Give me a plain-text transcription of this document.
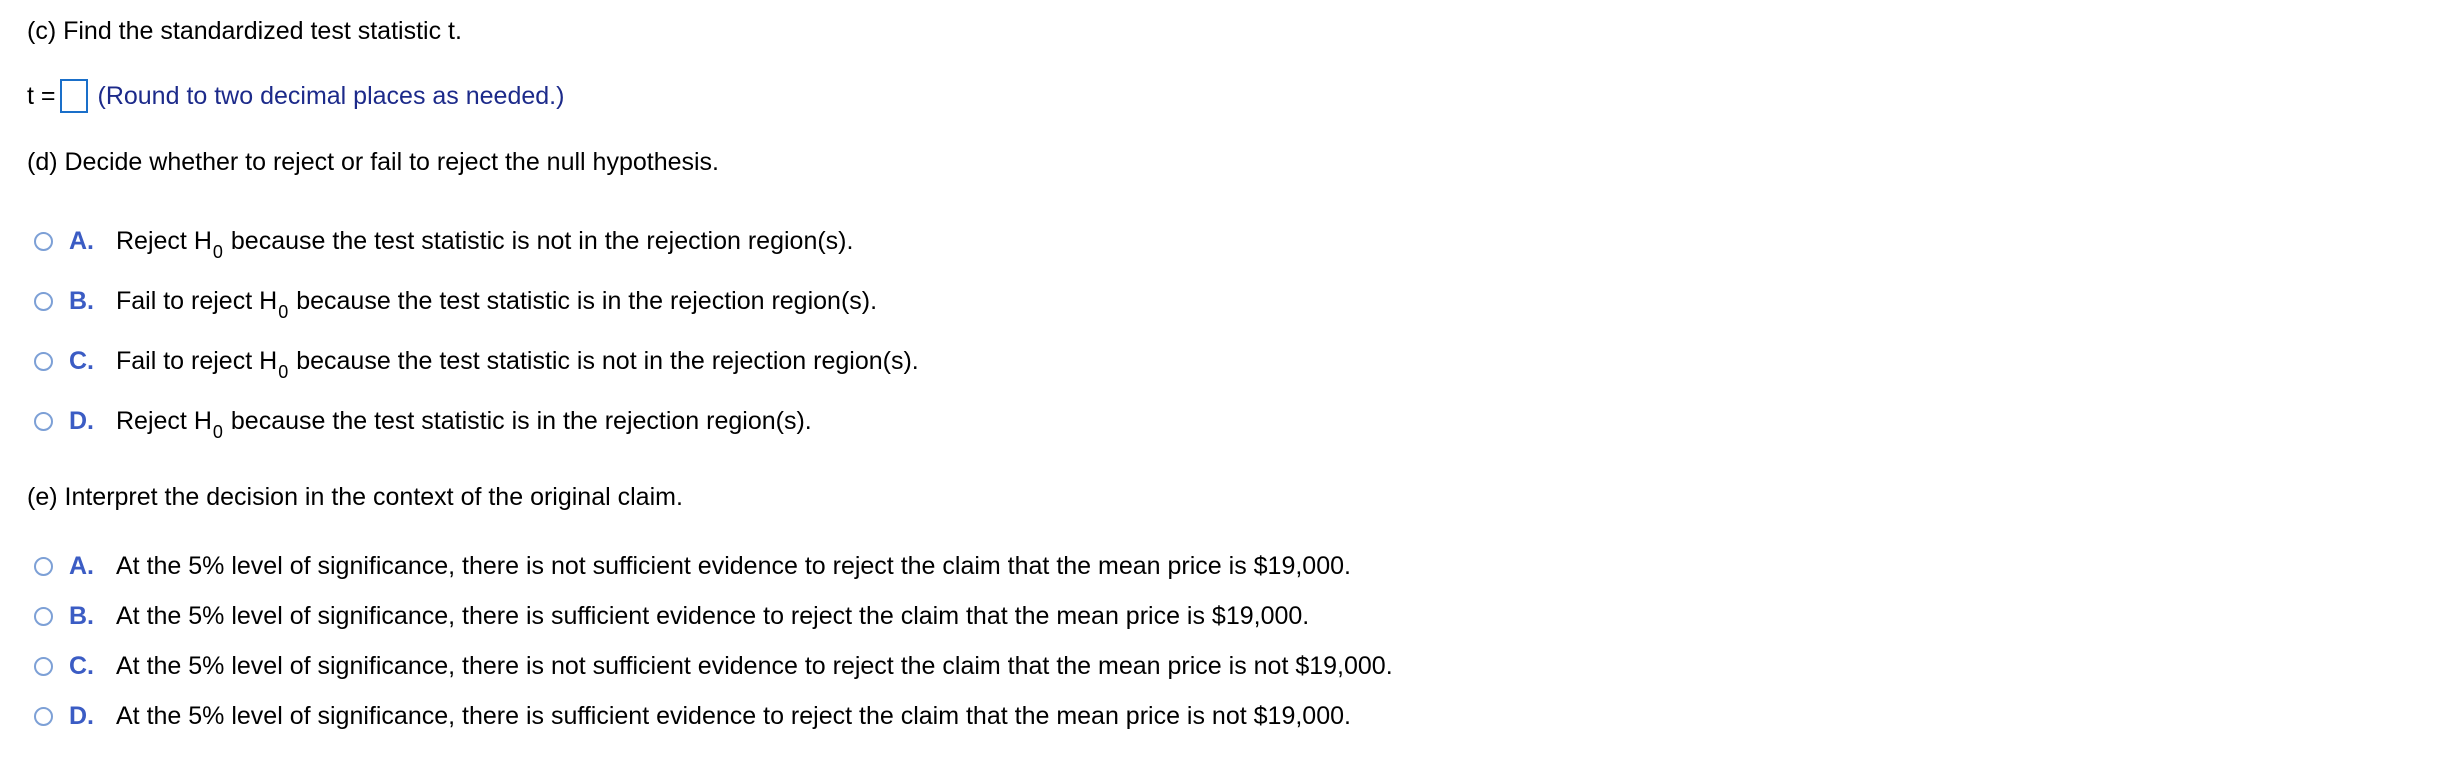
(c) Find the standardized test statistic t.
t = (Round to two decimal places as needed.)
(d) Decide whether to reject or fail to reject the null hypothesis.
A. Reject $H_0$ because the test statistic is not in the rejection region(s).
B. Fail to reject $H_0$ because the test statistic is in the rejection region(s).
C. Fail to reject $H_0$ because the test statistic is not in the rejection region(s).
D. Reject $H_0$ because the test statistic is in the rejection region(s).
(e) Interpret the decision in the context of the original claim.
A. At the 5% level of significance, there is not sufficient evidence to reject the claim that the mean price is $19,000.
B. At the 5% level of significance, there is sufficient evidence to reject the claim that the mean price is $19,000.
C. At the 5% level of significance, there is not sufficient evidence to reject the claim that the mean price is not $19,000.
D. At the 5% level of significance, there is sufficient evidence to reject the claim that the mean price is not $19,000.
